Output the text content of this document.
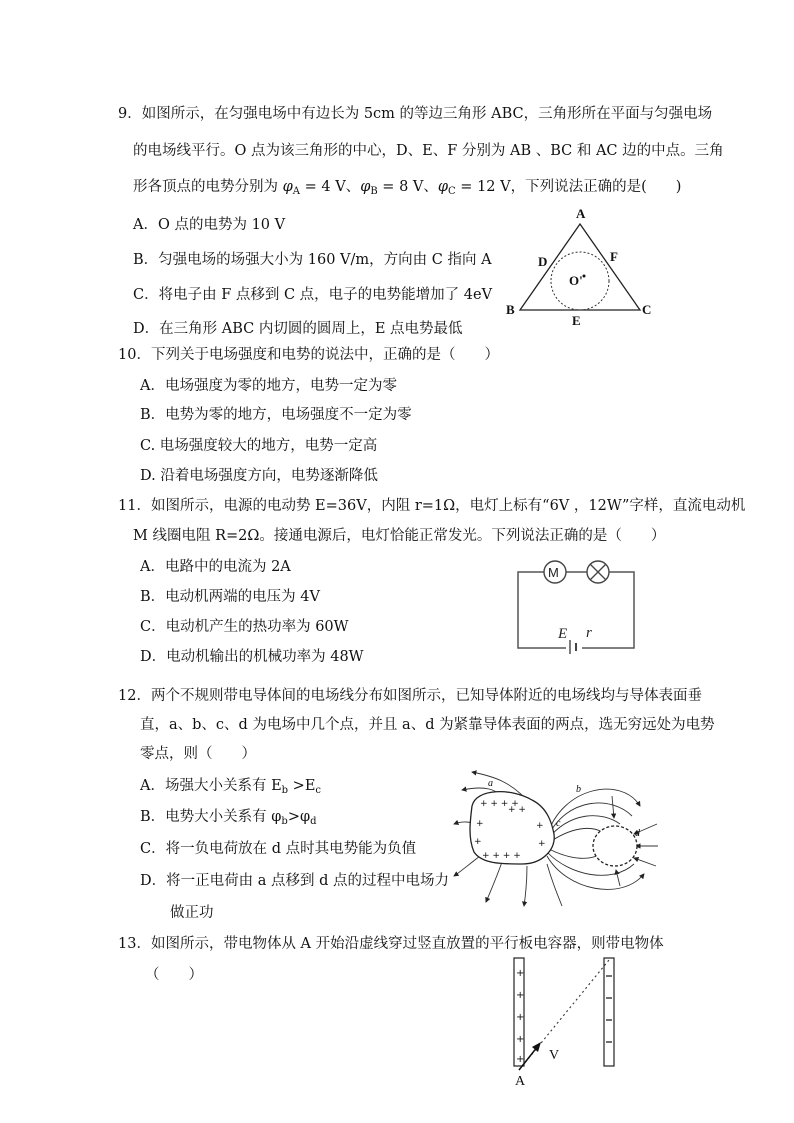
9．如图所示，在匀强电场中有边长为 5cm 的等边三角形 ABC，三角形所在平面与匀强电场
的电场线平行。O 点为该三角形的中心，D、E、F 分别为 AB 、BC 和 AC 边的中点。三角
形各顶点的电势分别为 $\varphi_A = 4$ V、$\varphi_B = 8$ V、$\varphi_C = 12$ V，下列说法正确的是(　　)
A．O 点的电势为 10 V
B．匀强电场的场强大小为 160 V/m，方向由 C 指向 A
C．将电子由 F 点移到 C 点，电子的电势能增加了 4eV
D．在三角形 ABC 内切圆的圆周上，E 点电势最低
A
D	F
O'
B
E
C
10．下列关于电场强度和电势的说法中，正确的是（　　）
A．电场强度为零的地方，电势一定为零
B．电势为零的地方，电场强度不一定为零
C. 电场强度较大的地方，电势一定高
D. 沿着电场强度方向，电势逐渐降低
11．如图所示，电源的电动势 E=36V，内阻 r=1Ω，电灯上标有“6V ，12W”字样，直流电动机
M 线圈电阻 R=2Ω。接通电源后，电灯恰能正常发光。下列说法正确的是（　　）
A．电路中的电流为 2A
B．电动机两端的电压为 4V
C．电动机产生的热功率为 60W
D．电动机输出的机械功率为 48W
M
E r
12．两个不规则带电导体间的电场线分布如图所示，已知导体附近的电场线均与导体表面垂
直，a、b、c、d 为电场中几个点，并且 a、d 为紧靠导体表面的两点，选无穷远处为电势
零点，则（　　）
A．场强大小关系有 $E_b >E_c$
B．电势大小关系有 $\varphi_b>\varphi_d$
C．将一负电荷放在 d 点时其电势能为负值
D．将一正电荷由 a 点移到 d 点的过程中电场力
做正功
+ + + +
+ +
+
+
+ + + +
+
+
a
b
c
d
13．如图所示，带电物体从 A 开始沿虚线穿过竖直放置的平行板电容器，则带电物体
（　　）	+
+
+
+
+
A
V
